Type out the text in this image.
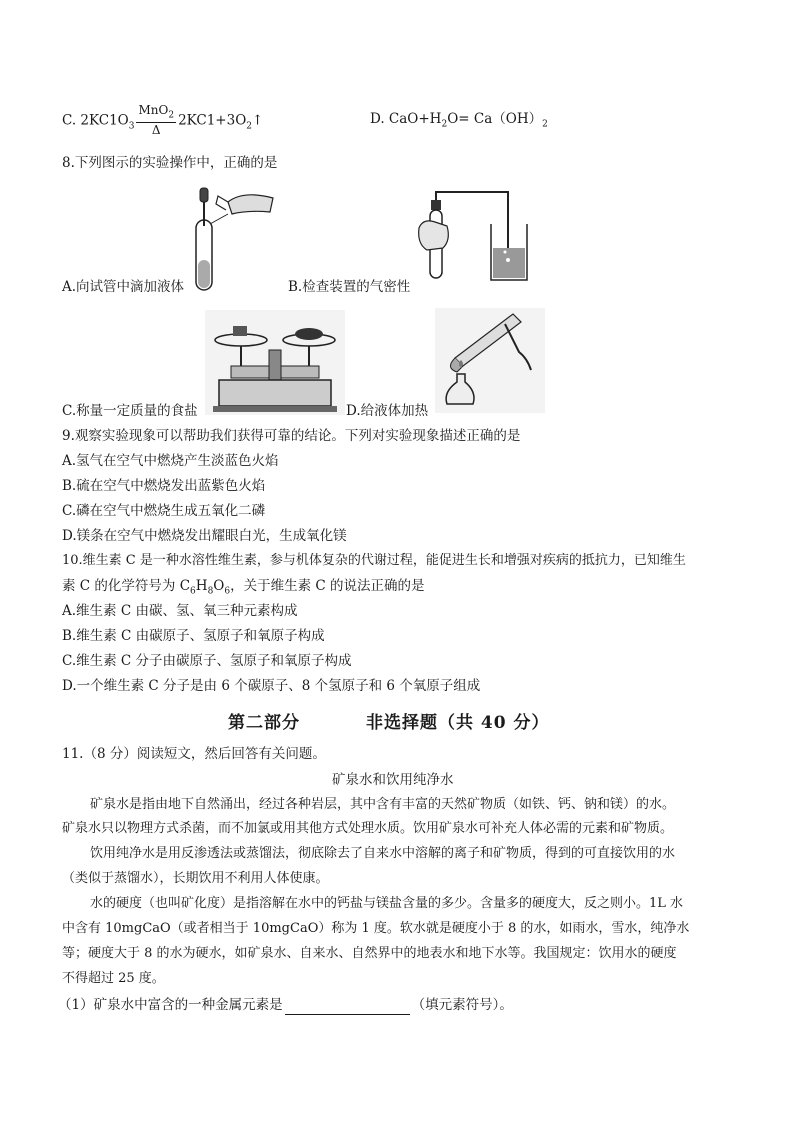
C. $2KC1O_3 \frac{MnO_2}{\Delta}$ $2KC1+3O_2↑$	D. $CaO+H_2O= Ca(OH)_2$
8.下列图示的实验操作中，正确的是
A.向试管中滴加液体	B.检查装置的气密性
C.称量一定质量的食盐	D.给液体加热
9.观察实验现象可以帮助我们获得可靠的结论。下列对实验现象描述正确的是
A.氢气在空气中燃烧产生淡蓝色火焰
B.硫在空气中燃烧发出蓝紫色火焰
C.磷在空气中燃烧生成五氧化二磷
D.镁条在空气中燃烧发出耀眼白光，生成氧化镁
10.维生素 C 是一种水溶性维生素，参与机体复杂的代谢过程，能促进生长和增强对疾病的抵抗力，已知维生
素 C 的化学符号为 $C_6H_8O_6$，关于维生素 C 的说法正确的是
A.维生素 C 由碳、氢、氧三种元素构成
B.维生素 C 由碳原子、氢原子和氧原子构成
C.维生素 C 分子由碳原子、氢原子和氧原子构成
D.一个维生素 C 分子是由 6 个碳原子、8 个氢原子和 6 个氧原子组成
第二部分	非选择题（共 40 分）
11.（8 分）阅读短文，然后回答有关问题。
矿泉水和饮用纯净水
矿泉水是指由地下自然涌出，经过各种岩层，其中含有丰富的天然矿物质（如铁、钙、钠和镁）的水。
矿泉水只以物理方式杀菌，而不加氯或用其他方式处理水质。饮用矿泉水可补充人体必需的元素和矿物质。
饮用纯净水是用反渗透法或蒸馏法，彻底除去了自来水中溶解的离子和矿物质，得到的可直接饮用的水
（类似于蒸馏水），长期饮用不利用人体使康。
水的硬度（也叫矿化度）是指溶解在水中的钙盐与镁盐含量的多少。含量多的硬度大，反之则小。1L 水
中含有 10mgCaO（或者相当于 10mgCaO）称为 1 度。软水就是硬度小于 8 的水，如雨水，雪水，纯净水
等；硬度大于 8 的水为硬水，如矿泉水、自来水、自然界中的地表水和地下水等。我国规定：饮用水的硬度
不得超过 25 度。
（1）矿泉水中富含的一种金属元素是	（填元素符号）。
